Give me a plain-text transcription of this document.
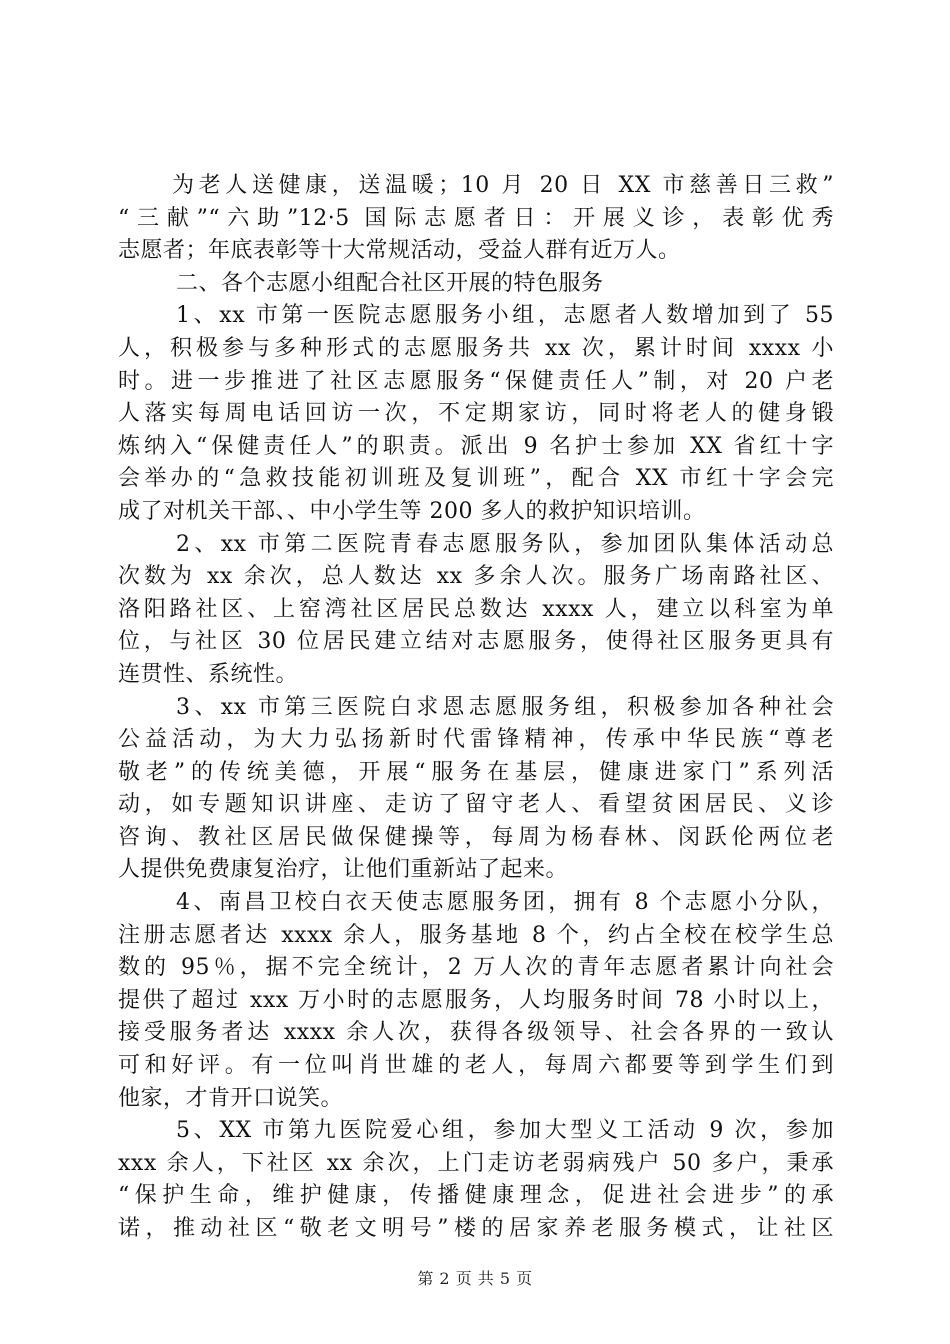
为老人送健康，送温暖；10 月 20 日 XX 市慈善日三救”
“三献”“六助”12·5 国际志愿者日：开展义诊，表彰优秀
志愿者；年底表彰等十大常规活动，受益人群有近万人。
二、各个志愿小组配合社区开展的特色服务
1、xx 市第一医院志愿服务小组，志愿者人数增加到了 55
人，积极参与多种形式的志愿服务共 xx 次，累计时间 xxxx 小
时。进一步推进了社区志愿服务“保健责任人”制，对 20 户老
人落实每周电话回访一次，不定期家访，同时将老人的健身锻
炼纳入“保健责任人”的职责。派出 9 名护士参加 XX 省红十字
会举办的“急救技能初训班及复训班”，配合 XX 市红十字会完
成了对机关干部、、中小学生等 200 多人的救护知识培训。
2、xx 市第二医院青春志愿服务队，参加团队集体活动总
次数为 xx 余次，总人数达 xx 多余人次。服务广场南路社区、
洛阳路社区、上窑湾社区居民总数达 xxxx 人，建立以科室为单
位，与社区 30 位居民建立结对志愿服务，使得社区服务更具有
连贯性、系统性。
3、xx 市第三医院白求恩志愿服务组，积极参加各种社会
公益活动，为大力弘扬新时代雷锋精神，传承中华民族“尊老
敬老”的传统美德，开展“服务在基层，健康进家门”系列活
动，如专题知识讲座、走访了留守老人、看望贫困居民、义诊
咨询、教社区居民做保健操等，每周为杨春林、闵跃伦两位老
人提供免费康复治疗，让他们重新站了起来。
4、南昌卫校白衣天使志愿服务团，拥有 8 个志愿小分队，
注册志愿者达 xxxx 余人，服务基地 8 个，约占全校在校学生总
数的 95％，据不完全统计，2 万人次的青年志愿者累计向社会
提供了超过 xxx 万小时的志愿服务，人均服务时间 78 小时以上，
接受服务者达 xxxx 余人次，获得各级领导、社会各界的一致认
可和好评。有一位叫肖世雄的老人，每周六都要等到学生们到
他家，才肯开口说笑。
5、XX 市第九医院爱心组，参加大型义工活动 9 次，参加
xxx 余人，下社区 xx 余次，上门走访老弱病残户 50 多户，秉承
“保护生命，维护健康，传播健康理念，促进社会进步”的承
诺，推动社区“敬老文明号”楼的居家养老服务模式，让社区
第 2 页 共 5 页
